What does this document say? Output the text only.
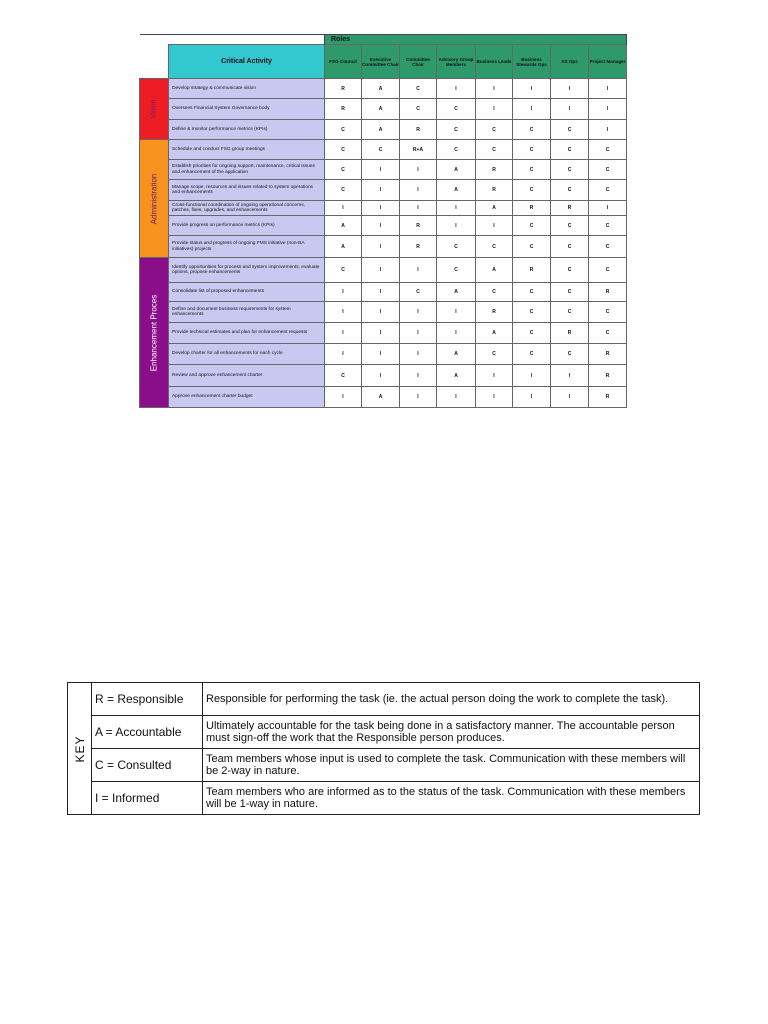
		Roles							
	Critical Activity	FSG Council	Executive Committee Chair	Committee Chair	Advisory Group Members	Business Leads	Business Stewards Ops	AS Ops	Project Manager

Vision	Develop strategy & communicate vision	R	A	C	I	I	I	I	I
	Oversees Financial System Governance body	R	A	C	C	I	I	I	I
	Define & monitor performance metrics (KPIs)	C	A	R	C	C	C	C	I

Administration	Schedule and conduct FSG group meetings	C	C	R+A	C	C	C	C	C
	Establish priorities for ongoing support, maintenance, critical issues and enhancement of the application	C	I	I	A	R	C	C	C
	Manage scope, resources and issues related to system operations and enhancements	C	I	I	A	R	C	C	C
	Cross-functional coordination of ongoing operational concerns, patches, fixes, upgrades, and enhancements	I	I	I	I	A	R	R	I
	Provide progress on performance metrics (KPIs)	A	I	R	I	I	C	C	C
	Provide status and progress of ongoing FMS initiative (non-BA initiatives) projects	A	I	R	C	C	C	C	C

Enhancement Proces	Identify opportunities for process and system improvements, evaluate options, propose enhancements	C	I	I	C	A	R	C	C
	Consolidate list of proposed enhancements	I	I	C	A	C	C	C	R
	Define and document business requirements for system enhancements	I	I	I	I	R	C	C	C
	Provide technical estimates and plan for enhancement requests	I	I	I	I	A	C	R	C
	Develop charter for all enhancements for each cycle	I	I	I	A	C	C	C	R
	Review and approve enhancement charter	C	I	I	A	I	I	I	R
	Approve enhancement charter budget	I	A	I	I	I	I	I	R
KEY	R = Responsible	Responsible for performing the task (ie. the actual person doing the work to complete the task).
	A = Accountable	Ultimately accountable for the task being done in a satisfactory manner. The accountable person must sign-off the work that the Responsible person produces.
	C = Consulted	Team members whose input is used to complete the task. Communication with these members will be 2-way in nature.
	I = Informed	Team members who are informed as to the status of the task. Communication with these members will be 1-way in nature.
